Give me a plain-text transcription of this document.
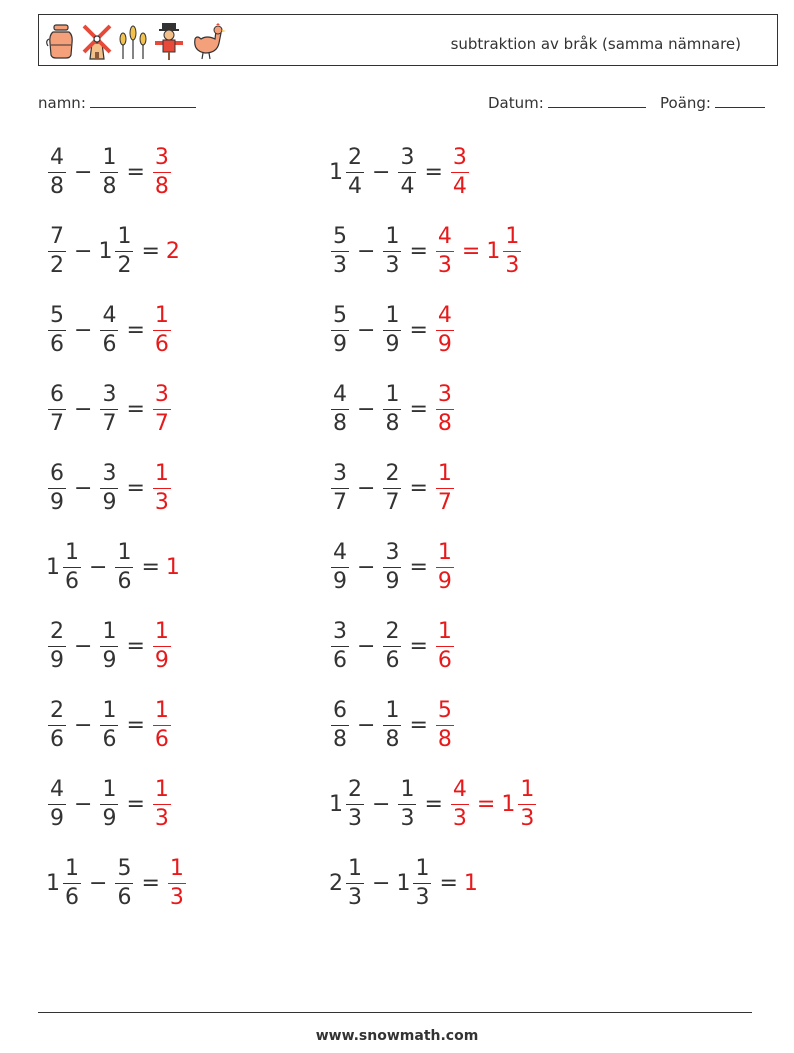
subtraktion av bråk (samma nämnare)
namn:	Datum:	Poäng:
$\frac{4}{8} - \frac{1}{8} = \frac{3}{8}$	$1 \frac{2}{4} - \frac{3}{4} = \frac{3}{4}$
$\frac{7}{2} - 1 \frac{1}{2} = 2$	$\frac{5}{3} - \frac{1}{3} = \frac{4}{3} = 1 \frac{1}{3}$
$\frac{5}{6} - \frac{4}{6} = \frac{1}{6}$	$\frac{5}{9} - \frac{1}{9} = \frac{4}{9}$
$\frac{6}{7} - \frac{3}{7} = \frac{3}{7}$	$\frac{4}{8} - \frac{1}{8} = \frac{3}{8}$
$\frac{6}{9} - \frac{3}{9} = \frac{1}{3}$	$\frac{3}{7} - \frac{2}{7} = \frac{1}{7}$
$1 \frac{1}{6} - \frac{1}{6} = 1$	$\frac{4}{9} - \frac{3}{9} = \frac{1}{9}$
$\frac{2}{9} - \frac{1}{9} = \frac{1}{9}$	$\frac{3}{6} - \frac{2}{6} = \frac{1}{6}$
$\frac{2}{6} - \frac{1}{6} = \frac{1}{6}$	$\frac{6}{8} - \frac{1}{8} = \frac{5}{8}$
$\frac{4}{9} - \frac{1}{9} = \frac{1}{3}$	$1 \frac{2}{3} - \frac{1}{3} = \frac{4}{3} = 1 \frac{1}{3}$
$1 \frac{1}{6} - \frac{5}{6} = \frac{1}{3}$	$2 \frac{1}{3} - 1 \frac{1}{3} = 1$
www.snowmath.com
